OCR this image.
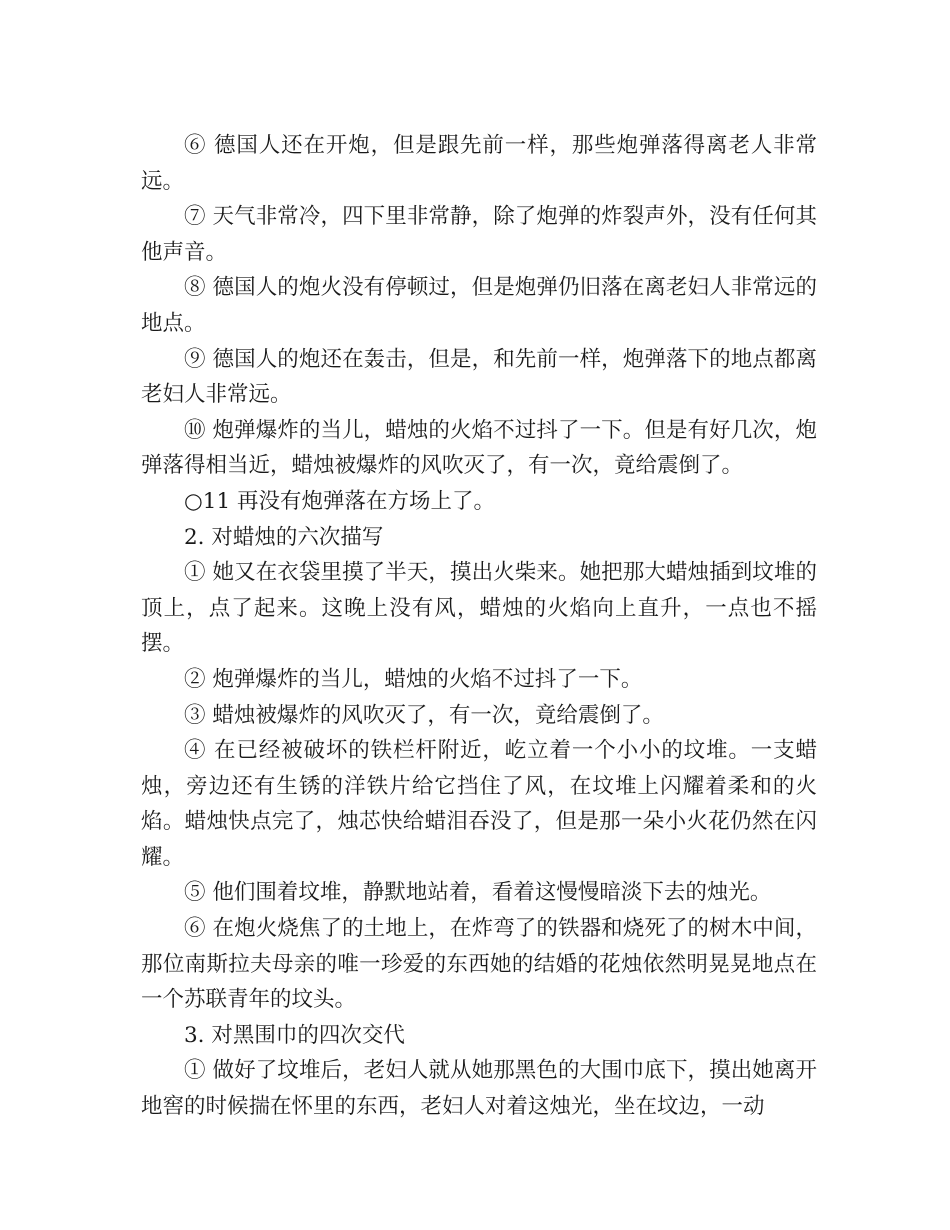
⑥ 德国人还在开炮，但是跟先前一样，那些炮弹落得离老人非常远。

⑦ 天气非常冷，四下里非常静，除了炮弹的炸裂声外，没有任何其他声音。

⑧ 德国人的炮火没有停顿过，但是炮弹仍旧落在离老妇人非常远的地点。

⑨ 德国人的炮还在轰击，但是，和先前一样，炮弹落下的地点都离老妇人非常远。

⑩ 炮弹爆炸的当儿，蜡烛的火焰不过抖了一下。但是有好几次，炮弹落得相当近，蜡烛被爆炸的风吹灭了，有一次，竟给震倒了。

○11 再没有炮弹落在方场上了。

2. 对蜡烛的六次描写

① 她又在衣袋里摸了半天，摸出火柴来。她把那大蜡烛插到坟堆的顶上，点了起来。这晚上没有风，蜡烛的火焰向上直升，一点也不摇摆。

② 炮弹爆炸的当儿，蜡烛的火焰不过抖了一下。

③ 蜡烛被爆炸的风吹灭了，有一次，竟给震倒了。

④ 在已经被破坏的铁栏杆附近，屹立着一个小小的坟堆。一支蜡烛，旁边还有生锈的洋铁片给它挡住了风，在坟堆上闪耀着柔和的火焰。蜡烛快点完了，烛芯快给蜡泪吞没了，但是那一朵小火花仍然在闪耀。

⑤ 他们围着坟堆，静默地站着，看着这慢慢暗淡下去的烛光。

⑥ 在炮火烧焦了的土地上，在炸弯了的铁器和烧死了的树木中间，那位南斯拉夫母亲的唯一珍爱的东西她的结婚的花烛依然明晃晃地点在一个苏联青年的坟头。

3. 对黑围巾的四次交代

① 做好了坟堆后，老妇人就从她那黑色的大围巾底下，摸出她离开地窖的时候揣在怀里的东西，老妇人对着这烛光，坐在坟边，一动
